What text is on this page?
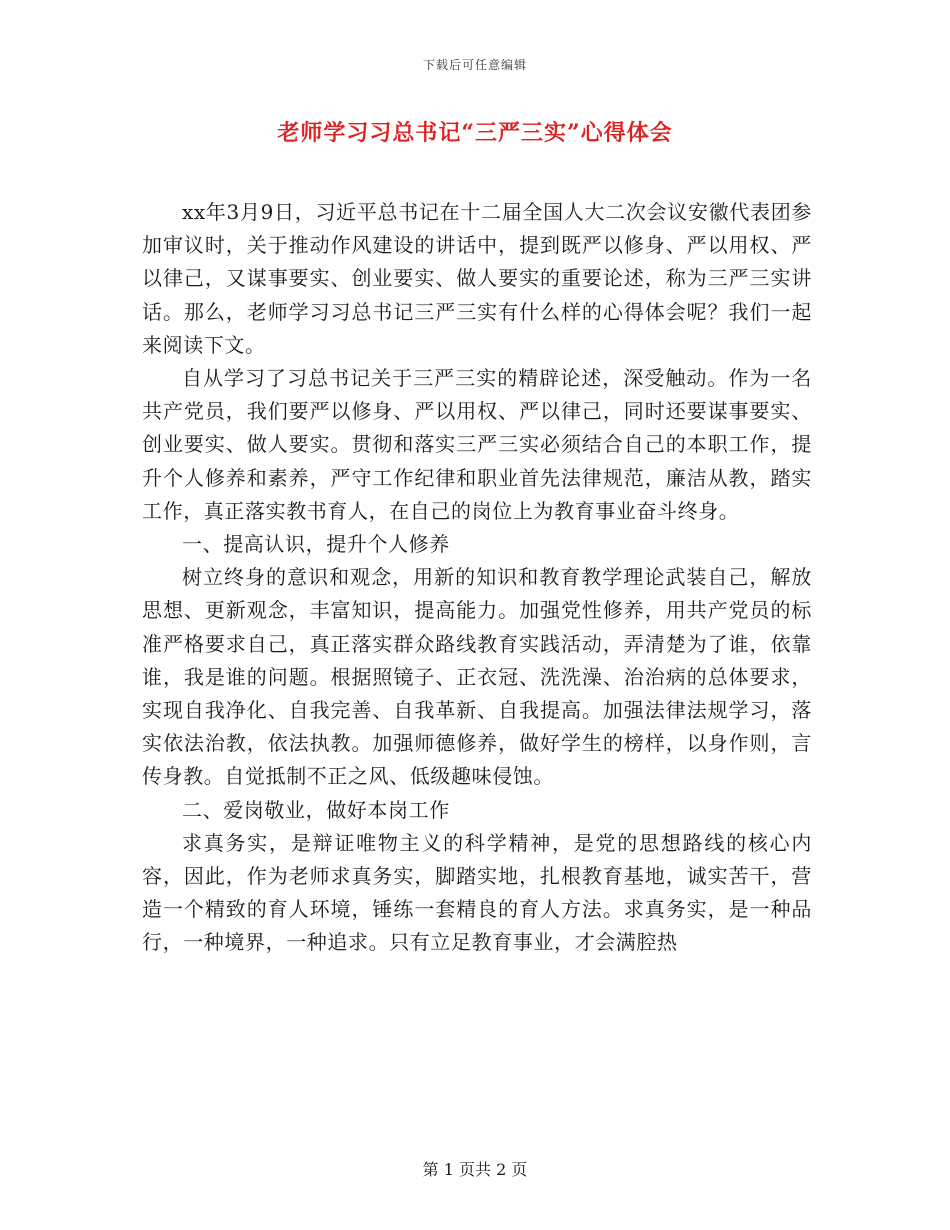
下载后可任意编辑
老师学习习总书记“三严三实”心得体会

xx年3月9日，习近平总书记在十二届全国人大二次会议安徽代表团参加审议时，关于推动作风建设的讲话中，提到既严以修身、严以用权、严以律己，又谋事要实、创业要实、做人要实的重要论述，称为三严三实讲话。那么，老师学习习总书记三严三实有什么样的心得体会呢？我们一起来阅读下文。

自从学习了习总书记关于三严三实的精辟论述，深受触动。作为一名共产党员，我们要严以修身、严以用权、严以律己，同时还要谋事要实、创业要实、做人要实。贯彻和落实三严三实必须结合自己的本职工作，提升个人修养和素养，严守工作纪律和职业首先法律规范，廉洁从教，踏实工作，真正落实教书育人，在自己的岗位上为教育事业奋斗终身。

一、提高认识，提升个人修养

树立终身的意识和观念，用新的知识和教育教学理论武装自己，解放思想、更新观念，丰富知识，提高能力。加强党性修养，用共产党员的标准严格要求自己，真正落实群众路线教育实践活动，弄清楚为了谁，依靠谁，我是谁的问题。根据照镜子、正衣冠、洗洗澡、治治病的总体要求，实现自我净化、自我完善、自我革新、自我提高。加强法律法规学习，落实依法治教，依法执教。加强师德修养，做好学生的榜样，以身作则，言传身教。自觉抵制不正之风、低级趣味侵蚀。

二、爱岗敬业，做好本岗工作

求真务实，是辩证唯物主义的科学精神，是党的思想路线的核心内容，因此，作为老师求真务实，脚踏实地，扎根教育基地，诚实苦干，营造一个精致的育人环境，锤练一套精良的育人方法。求真务实，是一种品行，一种境界，一种追求。只有立足教育事业，才会满腔热

第 1 页共 2 页
